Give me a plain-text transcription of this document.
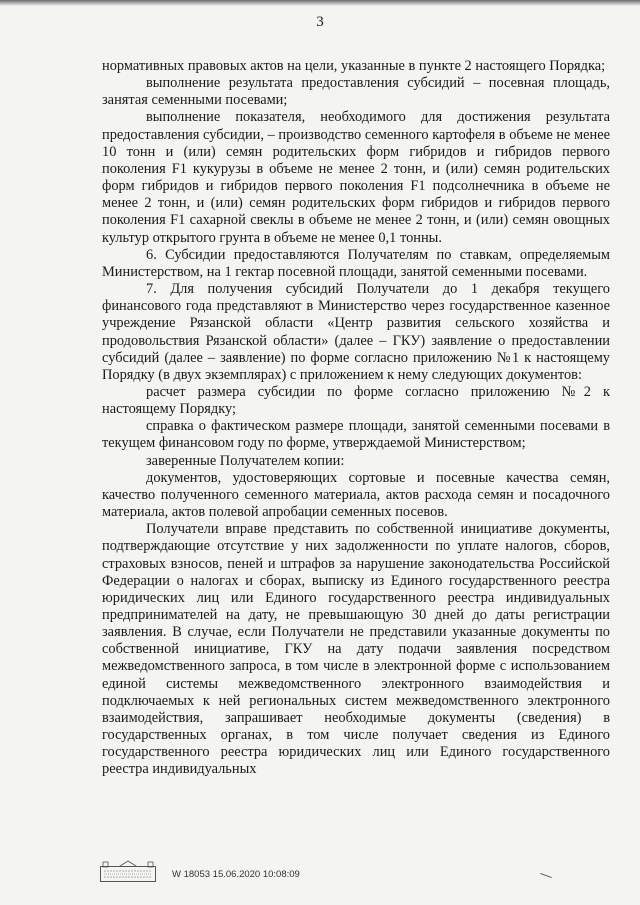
3

нормативных правовых актов на цели, указанные в пункте 2 настоящего Порядка;

выполнение результата предоставления субсидий – посевная площадь, занятая семенными посевами;

выполнение показателя, необходимого для достижения результата предоставления субсидии, – производство семенного картофеля в объеме не менее 10 тонн и (или) семян родительских форм гибридов и гибридов первого поколения F1 кукурузы в объеме не менее 2 тонн, и (или) семян родительских форм гибридов и гибридов первого поколения F1 подсолнечника в объеме не менее 2 тонн, и (или) семян родительских форм гибридов и гибридов первого поколения F1 сахарной свеклы в объеме не менее 2 тонн, и (или) семян овощных культур открытого грунта в объеме не менее 0,1 тонны.

6. Субсидии предоставляются Получателям по ставкам, определяемым Министерством, на 1 гектар посевной площади, занятой семенными посевами.

7. Для получения субсидий Получатели до 1 декабря текущего финансового года представляют в Министерство через государственное казенное учреждение Рязанской области «Центр развития сельского хозяйства и продовольствия Рязанской области» (далее – ГКУ) заявление о предоставлении субсидий (далее – заявление) по форме согласно приложению №1 к настоящему Порядку (в двух экземплярах) с приложением к нему следующих документов:

расчет размера субсидии по форме согласно приложению №2 к настоящему Порядку;

справка о фактическом размере площади, занятой семенными посевами в текущем финансовом году по форме, утверждаемой Министерством;

заверенные Получателем копии:

документов, удостоверяющих сортовые и посевные качества семян, качество полученного семенного материала, актов расхода семян и посадочного материала, актов полевой апробации семенных посевов.

Получатели вправе представить по собственной инициативе документы, подтверждающие отсутствие у них задолженности по уплате налогов, сборов, страховых взносов, пеней и штрафов за нарушение законодательства Российской Федерации о налогах и сборах, выписку из Единого государственного реестра юридических лиц или Единого государственного реестра индивидуальных предпринимателей на дату, не превышающую 30 дней до даты регистрации заявления. В случае, если Получатели не представили указанные документы по собственной инициативе, ГКУ на дату подачи заявления посредством межведомственного запроса, в том числе в электронной форме с использованием единой системы межведомственного электронного взаимодействия и подключаемых к ней региональных систем межведомственного электронного взаимодействия, запрашивает необходимые документы (сведения) в государственных органах, в том числе получает сведения из Единого государственного реестра юридических лиц или Единого государственного реестра индивидуальных

W 18053 15.06.2020 10:08:09
